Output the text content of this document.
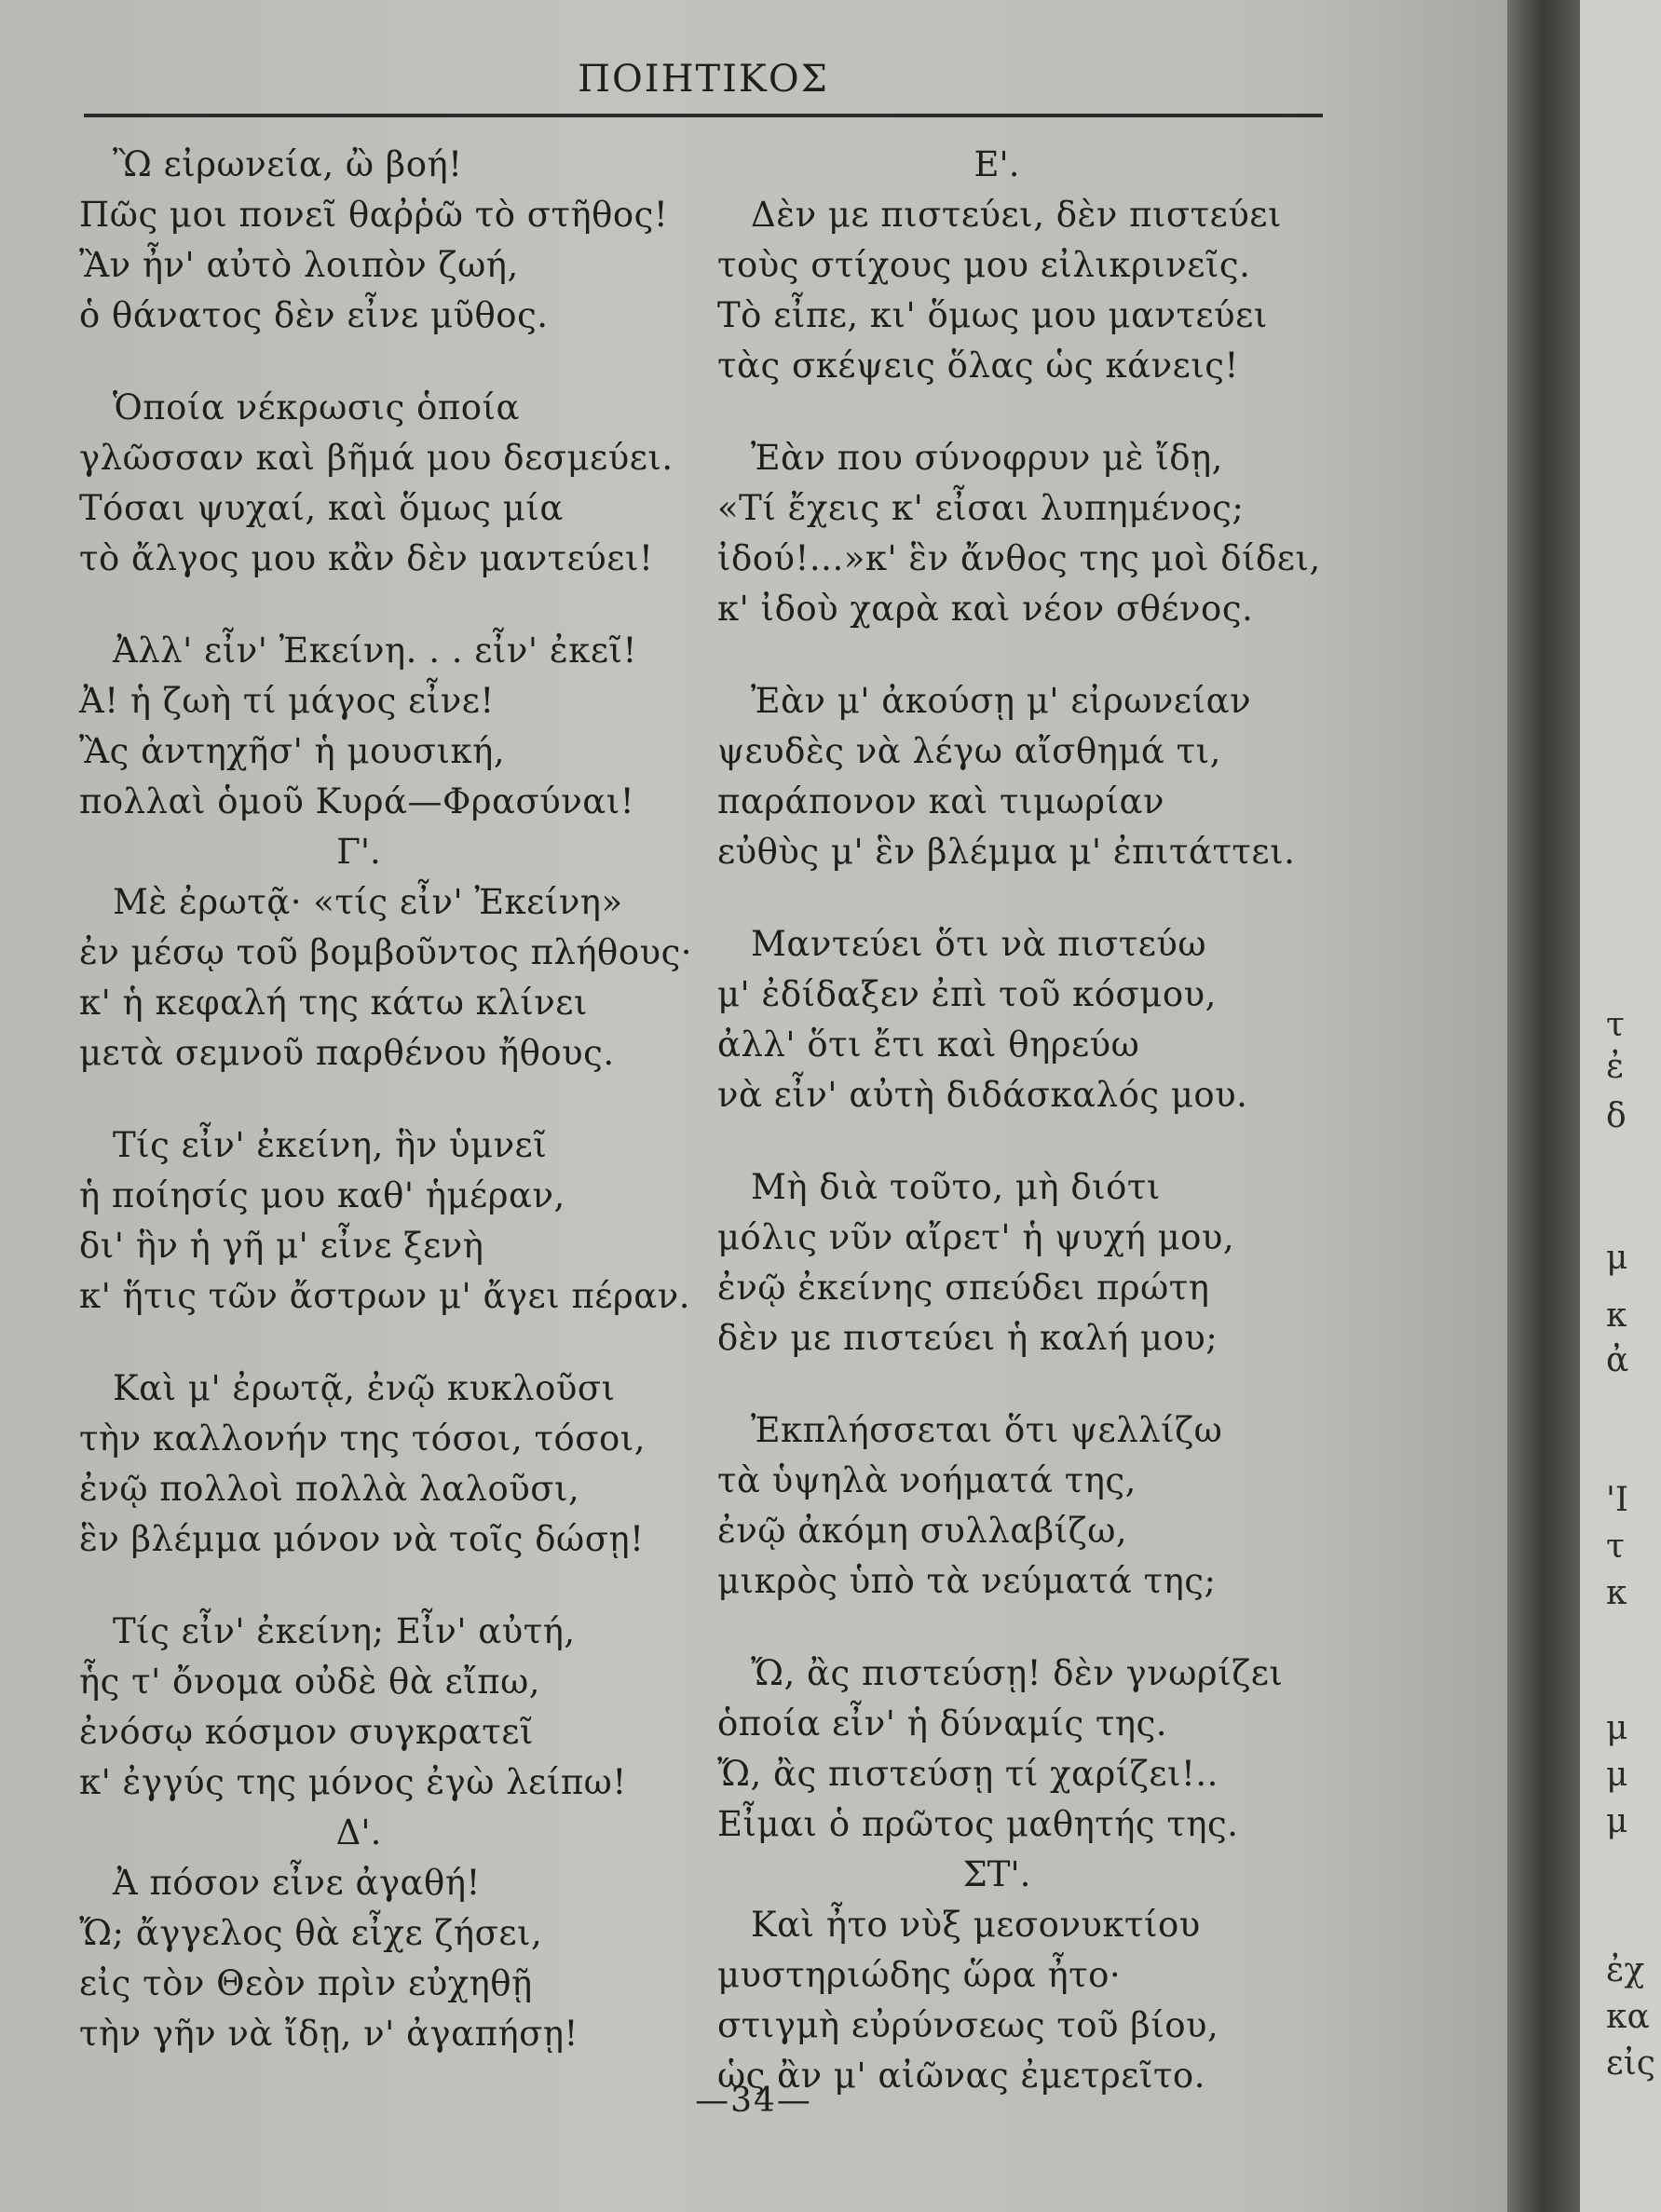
ΠΟΙΗΤΙΚΟΣ
Ὢ εἰρωνεία, ὢ βοή!
Πῶς μοι πονεῖ θαῤῥῶ τὸ στῆθος!
Ἂν ἦν' αὐτὸ λοιπὸν ζωή,
ὁ θάνατος δὲν εἶνε μῦθος.
Ὁποία νέκρωσις ὁποία
γλῶσσαν καὶ βῆμά μου δεσμεύει.
Τόσαι ψυχαί, καὶ ὅμως μία
τὸ ἄλγος μου κἂν δὲν μαντεύει!
Ἀλλ' εἶν' Ἐκείνη. . . εἶν' ἐκεῖ!
Ἀ! ἡ ζωὴ τί μάγος εἶνε!
Ἂς ἀντηχῆσ' ἡ μουσική,
πολλαὶ ὁμοῦ Κυρά—Φρασύναι!
Γ'.
Μὲ ἐρωτᾷ· «τίς εἶν' Ἐκείνη»
ἐν μέσῳ τοῦ βομβοῦντος πλήθους·
κ' ἡ κεφαλή της κάτω κλίνει
μετὰ σεμνοῦ παρθένου ἤθους.
Τίς εἶν' ἐκείνη, ἣν ὑμνεῖ
ἡ ποίησίς μου καθ' ἡμέραν,
δι' ἣν ἡ γῆ μ' εἶνε ξενὴ
κ' ἥτις τῶν ἄστρων μ' ἄγει πέραν.
Καὶ μ' ἐρωτᾷ, ἐνῷ κυκλοῦσι
τὴν καλλονήν της τόσοι, τόσοι,
ἐνῷ πολλοὶ πολλὰ λαλοῦσι,
ἓν βλέμμα μόνον νὰ τοῖς δώσῃ!
Τίς εἶν' ἐκείνη; Εἶν' αὐτή,
ἧς τ' ὄνομα οὐδὲ θὰ εἴπω,
ἐνόσῳ κόσμον συγκρατεῖ
κ' ἐγγύς της μόνος ἐγὼ λείπω!
Δ'.
Ἀ πόσον εἶνε ἀγαθή!
Ὤ; ἄγγελος θὰ εἶχε ζήσει,
εἰς τὸν Θεὸν πρὶν εὐχηθῇ
τὴν γῆν νὰ ἴδῃ, ν' ἀγαπήσῃ!
Ε'.
Δὲν με πιστεύει, δὲν πιστεύει
τοὺς στίχους μου εἰλικρινεῖς.
Τὸ εἶπε, κι' ὅμως μου μαντεύει
τὰς σκέψεις ὅλας ὡς κάνεις!
Ἐὰν που σύνοφρυν μὲ ἴδῃ,
«Τί ἔχεις κ' εἶσαι λυπημένος;
ἰδού!...»κ' ἓν ἄνθος της μοὶ δίδει,
κ' ἰδοὺ χαρὰ καὶ νέον σθένος.
Ἐὰν μ' ἀκούσῃ μ' εἰρωνείαν
ψευδὲς νὰ λέγω αἴσθημά τι,
παράπονον καὶ τιμωρίαν
εὐθὺς μ' ἓν βλέμμα μ' ἐπιτάττει.
Μαντεύει ὅτι νὰ πιστεύω
μ' ἐδίδαξεν ἐπὶ τοῦ κόσμου,
ἀλλ' ὅτι ἔτι καὶ θηρεύω
νὰ εἶν' αὐτὴ διδάσκαλός μου.
Μὴ διὰ τοῦτο, μὴ διότι
μόλις νῦν αἴρετ' ἡ ψυχή μου,
ἐνῷ ἐκείνης σπεύδει πρώτη
δὲν με πιστεύει ἡ καλή μου;
Ἐκπλήσσεται ὅτι ψελλίζω
τὰ ὑψηλὰ νοήματά της,
ἐνῷ ἀκόμη συλλαβίζω,
μικρὸς ὑπὸ τὰ νεύματά της;
Ὤ, ἂς πιστεύσῃ! δὲν γνωρίζει
ὁποία εἶν' ἡ δύναμίς της.
Ὤ, ἂς πιστεύσῃ τί χαρίζει!..
Εἶμαι ὁ πρῶτος μαθητής της.
ΣΤ'.
Καὶ ἦτο νὺξ μεσονυκτίου
μυστηριώδης ὥρα ἦτο·
στιγμὴ εὐρύνσεως τοῦ βίου,
ὡς ἂν μ' αἰῶνας ἐμετρεῖτο.
—34—
τ
ἐ
δ
μ
κ
ἀ
'Ι
τ
κ
μ
μ
μ
ἐχ
κα
εἰς
